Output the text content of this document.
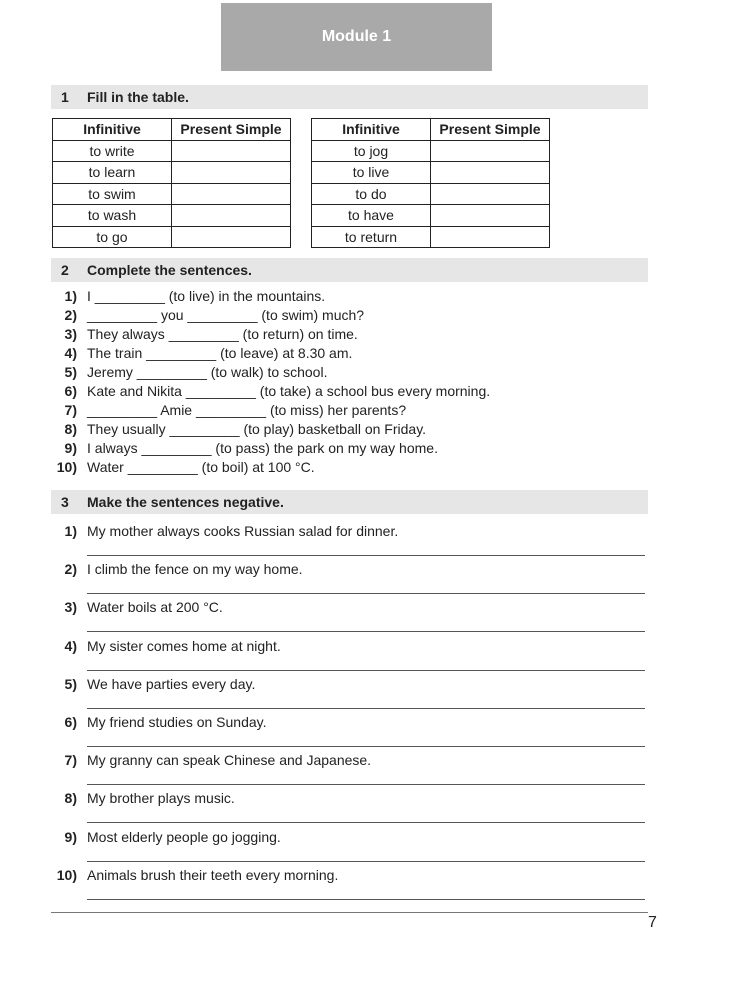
Module 1
1	Fill in the table.
Infinitive	Present Simple
to write	
to learn	
to swim	
to wash	
to go	
Infinitive	Present Simple
to jog	
to live	
to do	
to have	
to return	
2	Complete the sentences.
1) I _________ (to live) in the mountains.
2) _________ you _________ (to swim) much?
3) They always _________ (to return) on time.
4) The train _________ (to leave) at 8.30 am.
5) Jeremy _________ (to walk) to school.
6) Kate and Nikita _________ (to take) a school bus every morning.
7) _________ Amie _________ (to miss) her parents?
8) They usually _________ (to play) basketball on Friday.
9) I always _________ (to pass) the park on my way home.
10) Water _________ (to boil) at 100 °C.
3	Make the sentences negative.
1) My mother always cooks Russian salad for dinner.
2) I climb the fence on my way home.
3) Water boils at 200 °C.
4) My sister comes home at night.
5) We have parties every day.
6) My friend studies on Sunday.
7) My granny can speak Chinese and Japanese.
8) My brother plays music.
9) Most elderly people go jogging.
10) Animals brush their teeth every morning.
7
